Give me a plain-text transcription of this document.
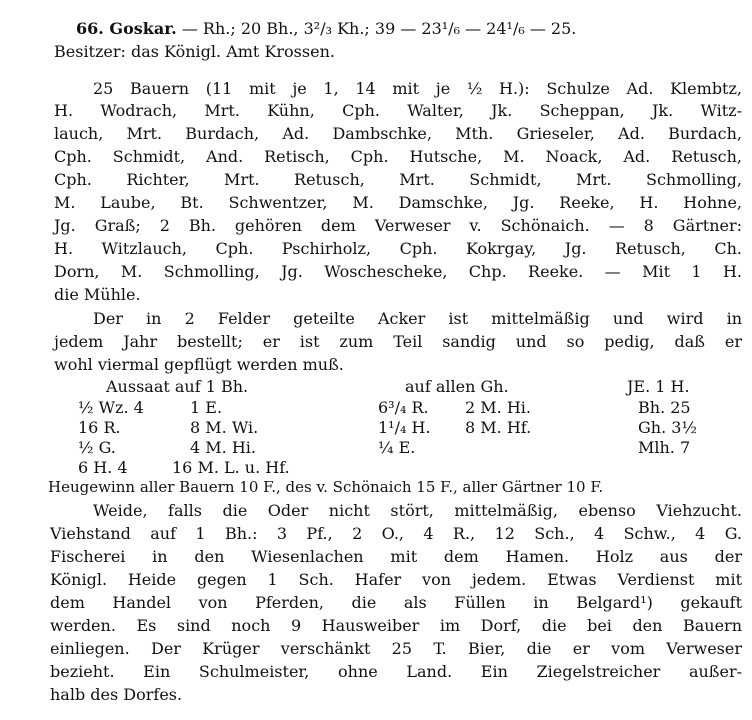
66. Goskar. — Rh.; 20 Bh., 3²/₃ Kh.; 39 — 23¹/₆ — 24¹/₆ — 25.
Besitzer: das Königl. Amt Krossen.
25 Bauern (11 mit je 1, 14 mit je ½ H.): Schulze Ad. Klembtz,
H. Wodrach, Mrt. Kühn, Cph. Walter, Jk. Scheppan, Jk. Witz-
lauch, Mrt. Burdach, Ad. Dambschke, Mth. Grieseler, Ad. Burdach,
Cph. Schmidt, And. Retisch, Cph. Hutsche, M. Noack, Ad. Retusch,
Cph. Richter, Mrt. Retusch, Mrt. Schmidt, Mrt. Schmolling,
M. Laube, Bt. Schwentzer, M. Damschke, Jg. Reeke, H. Hohne,
Jg. Graß; 2 Bh. gehören dem Verweser v. Schönaich. — 8 Gärtner:
H. Witzlauch, Cph. Pschirholz, Cph. Kokrgay, Jg. Retusch, Ch.
Dorn, M. Schmolling, Jg. Woschescheke, Chp. Reeke. — Mit 1 H.
die Mühle.
Der in 2 Felder geteilte Acker ist mittelmäßig und wird in
jedem Jahr bestellt; er ist zum Teil sandig und so pedig, daß er
wohl viermal gepflügt werden muß.
Aussaat auf 1 Bh.	auf allen Gh.	JE. 1 H.
½ Wz. 4	1 E.	6³/₄ R. 2 M. Hi.	Bh. 25
16 R.	8 M. Wi.	1¹/₄ H. 8 M. Hf.	Gh. 3½
½ G.	4 M. Hi.	¼ E.	Mlh. 7
6 H. 4	16 M. L. u. Hf.
Heugewinn aller Bauern 10 F., des v. Schönaich 15 F., aller Gärtner 10 F.
Weide, falls die Oder nicht stört, mittelmäßig, ebenso Viehzucht.
Viehstand auf 1 Bh.: 3 Pf., 2 O., 4 R., 12 Sch., 4 Schw., 4 G.
Fischerei in den Wiesenlachen mit dem Hamen. Holz aus der
Königl. Heide gegen 1 Sch. Hafer von jedem. Etwas Verdienst mit
dem Handel von Pferden, die als Füllen in Belgard¹) gekauft
werden. Es sind noch 9 Hausweiber im Dorf, die bei den Bauern
einliegen. Der Krüger verschänkt 25 T. Bier, die er vom Verweser
bezieht. Ein Schulmeister, ohne Land. Ein Ziegelstreicher außer-
halb des Dorfes.
